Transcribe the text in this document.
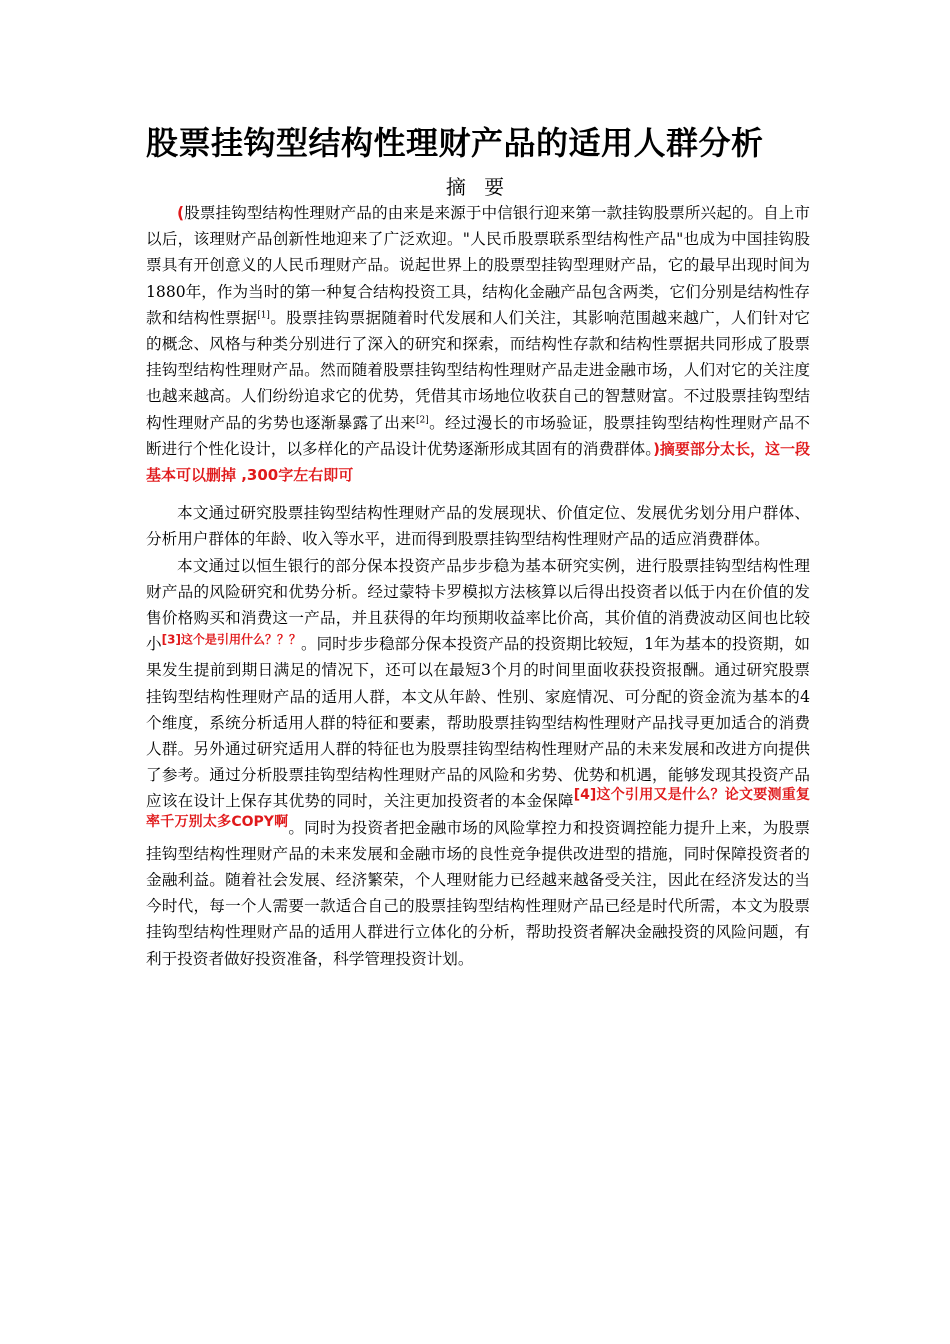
股票挂钩型结构性理财产品的适用人群分析
摘 要

(股票挂钩型结构性理财产品的由来是来源于中信银行迎来第一款挂钩股票所兴起的。自上市以后，该理财产品创新性地迎来了广泛欢迎。"人民币股票联系型结构性产品"也成为中国挂钩股票具有开创意义的人民币理财产品。说起世界上的股票型挂钩型理财产品，它的最早出现时间为1880年，作为当时的第一种复合结构投资工具，结构化金融产品包含两类，它们分别是结构性存款和结构性票据[1]。股票挂钩票据随着时代发展和人们关注，其影响范围越来越广，人们针对它的概念、风格与种类分别进行了深入的研究和探索，而结构性存款和结构性票据共同形成了股票挂钩型结构性理财产品。然而随着股票挂钩型结构性理财产品走进金融市场，人们对它的关注度也越来越高。人们纷纷追求它的优势，凭借其市场地位收获自己的智慧财富。不过股票挂钩型结构性理财产品的劣势也逐渐暴露了出来[2]。经过漫长的市场验证，股票挂钩型结构性理财产品不断进行个性化设计，以多样化的产品设计优势逐渐形成其固有的消费群体。)摘要部分太长，这一段基本可以删掉 ,300字左右即可

本文通过研究股票挂钩型结构性理财产品的发展现状、价值定位、发展优劣划分用户群体、分析用户群体的年龄、收入等水平，进而得到股票挂钩型结构性理财产品的适应消费群体。

本文通过以恒生银行的部分保本投资产品步步稳为基本研究实例，进行股票挂钩型结构性理财产品的风险研究和优势分析。经过蒙特卡罗模拟方法核算以后得出投资者以低于内在价值的发售价格购买和消费这一产品，并且获得的年均预期收益率比价高，其价值的消费波动区间也比较小$^{[3]这个是引用什么???}$。同时步步稳部分保本投资产品的投资期比较短，1年为基本的投资期，如果发生提前到期日满足的情况下，还可以在最短3个月的时间里面收获投资报酬。通过研究股票挂钩型结构性理财产品的适用人群，本文从年龄、性别、家庭情况、可分配的资金流为基本的4个维度，系统分析适用人群的特征和要素，帮助股票挂钩型结构性理财产品找寻更加适合的消费人群。另外通过研究适用人群的特征也为股票挂钩型结构性理财产品的未来发展和改进方向提供了参考。通过分析股票挂钩型结构性理财产品的风险和劣势、优势和机遇，能够发现其投资产品应该在设计上保存其优势的同时，关注更加投资者的本金保障[4]这个引用又是什么？论文要测重复率千万别太多COPY啊。同时为投资者把金融市场的风险掌控力和投资调控能力提升上来，为股票挂钩型结构性理财产品的未来发展和金融市场的良性竞争提供改进型的措施，同时保障投资者的金融利益。随着社会发展、经济繁荣，个人理财能力已经越来越备受关注，因此在经济发达的当今时代，每一个人需要一款适合自己的股票挂钩型结构性理财产品已经是时代所需，本文为股票挂钩型结构性理财产品的适用人群进行立体化的分析，帮助投资者解决金融投资的风险问题，有利于投资者做好投资准备，科学管理投资计划。
